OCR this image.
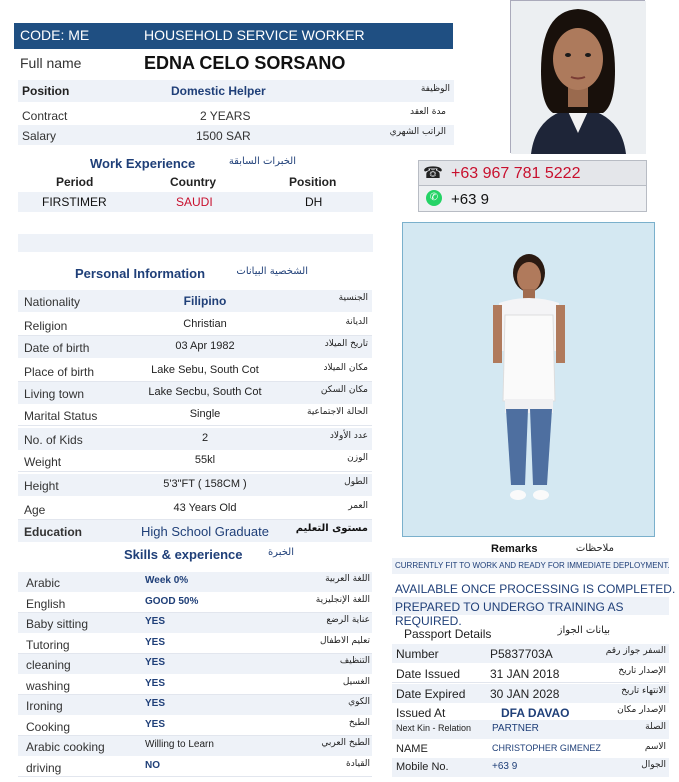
CODE: ME	HOUSEHOLD SERVICE WORKER
Full name	EDNA CELO SORSANO
Position	Domestic Helper	الوظيفة
Contract	2 YEARS	مدة العقد
Salary	1500 SAR	الراتب الشهري
☎ +63 967 781 5222
✆ +63 9
Work Experience	الخبرات السابقة
Period	Country	Position
FIRSTIMER	SAUDI	DH
Personal Information	الشخصية البيانات
Nationality	Filipino	الجنسية
Religion	Christian	الديانة
Date of birth	03 Apr 1982	تاريخ الميلاد
Place of birth	Lake Sebu, South Cot	مكان الميلاد
Living town	Lake Secbu, South Cot	مكان السكن
Marital Status	Single	الحالة الاجتماعية
No. of Kids	2	عدد الأولاد
Weight	55kl	الوزن
Height	5'3"FT ( 158CM )	الطول
Age	43 Years Old	العمر
Education	High School Graduate	مستوى التعليم
Skills & experience	الخبرة
Arabic	Week 0%	اللغة العربية
English	GOOD 50%	اللغة الإنجليزية
Baby sitting	YES	عناية الرضع
Tutoring	YES	تعليم الاطفال
cleaning	YES	التنظيف
washing	YES	الغسيل
Ironing	YES	الكوي
Cooking	YES	الطبخ
Arabic cooking	Willing to Learn	الطبخ العربي
driving	NO	القيادة
Remarks	ملاحظات
CURRENTLY FIT TO WORK AND READY FOR IMMEDIATE DEPLOYMENT.
AVAILABLE ONCE PROCESSING IS COMPLETED.
PREPARED TO UNDERGO TRAINING AS REQUIRED.
Passport Details	بيانات الجواز
Number	P5837703A	السفر جواز رقم
Date Issued 31 JAN 2018	الإصدار تاريخ
Date Expired 30 JAN 2028	الانتهاء تاريخ
Issued At	DFA DAVAO	الإصدار مكان
Next Kin - Relation PARTNER	الصلة
NAME	CHRISTOPHER GIMENEZ	الاسم
Mobile No.	+63 9	الجوال
